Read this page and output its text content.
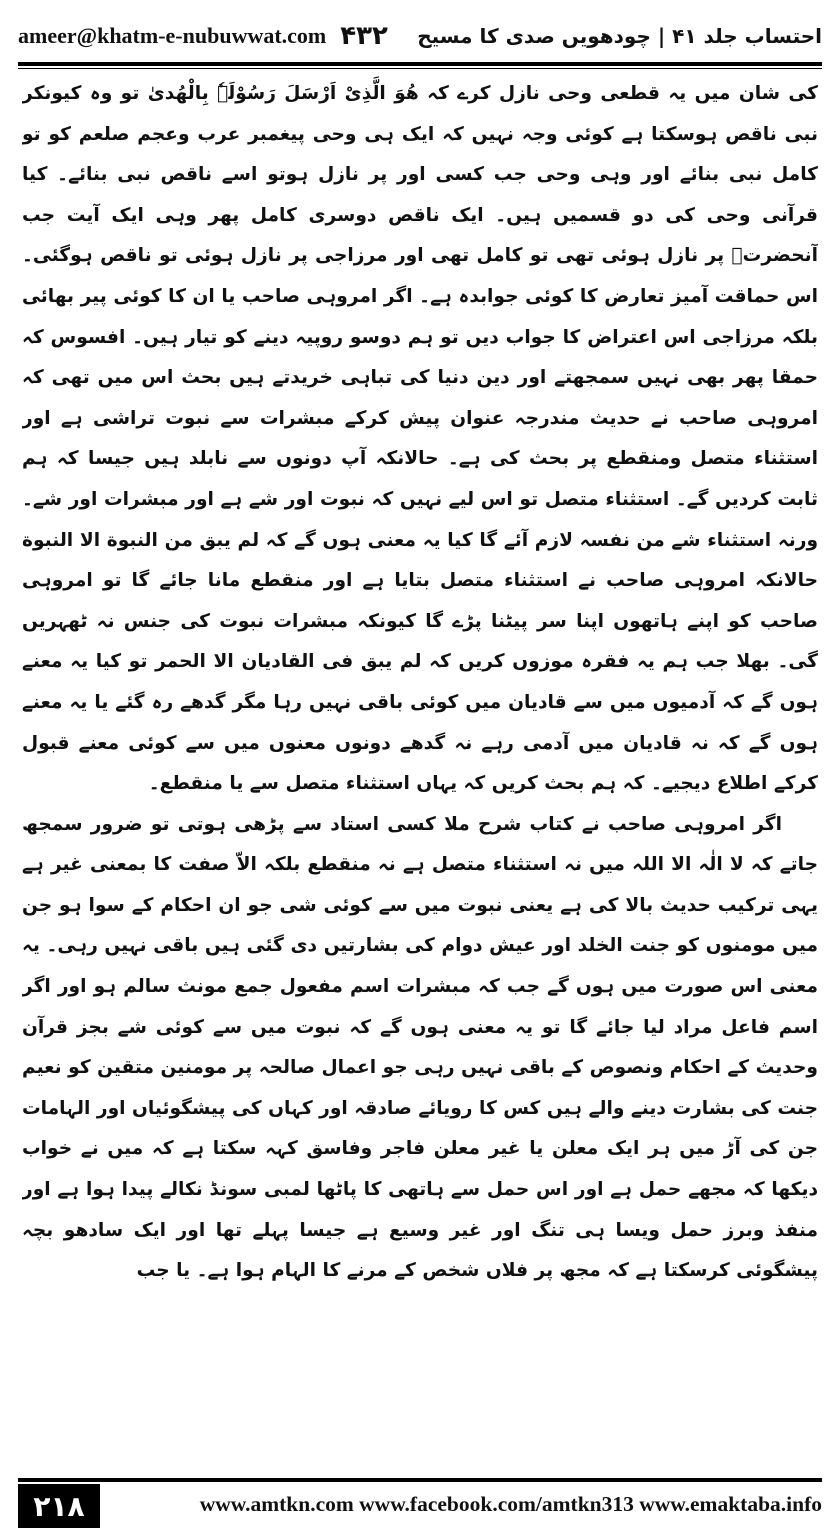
ameer@khatm-e-nubuwwat.com ۴۳۲ احتساب جلد ۴۱ | چودھویں صدی کا مسیح

کی شان میں یہ قطعی وحی نازل کرے کہ ھُوَ الَّذِیْ اَرْسَلَ رَسُوْلَہٗ بِالْھُدیٰ تو وہ کیونکر نبی ناقص ہوسکتا ہے کوئی وجہ نہیں کہ ایک ہی وحی پیغمبر عرب وعجم صلعم کو تو کامل نبی بنائے اور وہی وحی جب کسی اور پر نازل ہوتو اسے ناقص نبی بنائے۔ کیا قرآنی وحی کی دو قسمیں ہیں۔ ایک ناقص دوسری کامل پھر وہی ایک آیت جب آنحضرتؐ پر نازل ہوئی تھی تو کامل تھی اور مرزاجی پر نازل ہوئی تو ناقص ہوگئی۔ اس حماقت آمیز تعارض کا کوئی جوابدہ ہے۔ اگر امروہی صاحب یا ان کا کوئی پیر بھائی بلکہ مرزاجی اس اعتراض کا جواب دیں تو ہم دوسو روپیہ دینے کو تیار ہیں۔ افسوس کہ حمقا پھر بھی نہیں سمجھتے اور دین دنیا کی تباہی خریدتے ہیں بحث اس میں تھی کہ امروہی صاحب نے حدیث مندرجہ عنوان پیش کرکے مبشرات سے نبوت تراشی ہے اور استثناء متصل ومنقطع پر بحث کی ہے۔ حالانکہ آپ دونوں سے نابلد ہیں جیسا کہ ہم ثابت کردیں گے۔ استثناء متصل تو اس لیے نہیں کہ نبوت اور شے ہے اور مبشرات اور شے۔ ورنہ استثناء شے من نفسہ لازم آئے گا کیا یہ معنی ہوں گے کہ لم یبق من النبوة الا النبوة حالانکہ امروہی صاحب نے استثناء متصل بتایا ہے اور منقطع مانا جائے گا تو امروہی صاحب کو اپنے ہاتھوں اپنا سر پیٹنا پڑے گا کیونکہ مبشرات نبوت کی جنس نہ ٹھہریں گی۔ بھلا جب ہم یہ فقرہ موزوں کریں کہ لم یبق فی القادیان الا الحمر تو کیا یہ معنے ہوں گے کہ آدمیوں میں سے قادیان میں کوئی باقی نہیں رہا مگر گدھے رہ گئے یا یہ معنے ہوں گے کہ نہ قادیان میں آدمی رہے نہ گدھے دونوں معنوں میں سے کوئی معنے قبول کرکے اطلاع دیجیے۔ کہ ہم بحث کریں کہ یہاں استثناء متصل سے یا منقطع۔

اگر امروہی صاحب نے کتاب شرح ملا کسی استاد سے پڑھی ہوتی تو ضرور سمجھ جاتے کہ لا الٰہ الا اللہ میں نہ استثناء متصل ہے نہ منقطع بلکہ الاّ صفت کا بمعنی غیر ہے یہی ترکیب حدیث بالا کی ہے یعنی نبوت میں سے کوئی شی جو ان احکام کے سوا ہو جن میں مومنوں کو جنت الخلد اور عیش دوام کی بشارتیں دی گئی ہیں باقی نہیں رہی۔ یہ معنی اس صورت میں ہوں گے جب کہ مبشرات اسم مفعول جمع مونث سالم ہو اور اگر اسم فاعل مراد لیا جائے گا تو یہ معنی ہوں گے کہ نبوت میں سے کوئی شے بجز قرآن وحدیث کے احکام ونصوص کے باقی نہیں رہی جو اعمال صالحہ پر مومنین متقین کو نعیم جنت کی بشارت دینے والے ہیں کس کا رویائے صادقہ اور کہاں کی پیشگوئیاں اور الہامات جن کی آڑ میں ہر ایک معلن یا غیر معلن فاجر وفاسق کہہ سکتا ہے کہ میں نے خواب دیکھا کہ مجھے حمل ہے اور اس حمل سے ہاتھی کا پاٹھا لمبی سونڈ نکالے پیدا ہوا ہے اور منفذ وبرز حمل ویسا ہی تنگ اور غیر وسیع ہے جیسا پہلے تھا اور ایک سادھو بچہ پیشگوئی کرسکتا ہے کہ مجھ پر فلاں شخص کے مرنے کا الہام ہوا ہے۔ یا جب

۲۱۸	www.amtkn.com www.facebook.com/amtkn313 www.emaktaba.info
